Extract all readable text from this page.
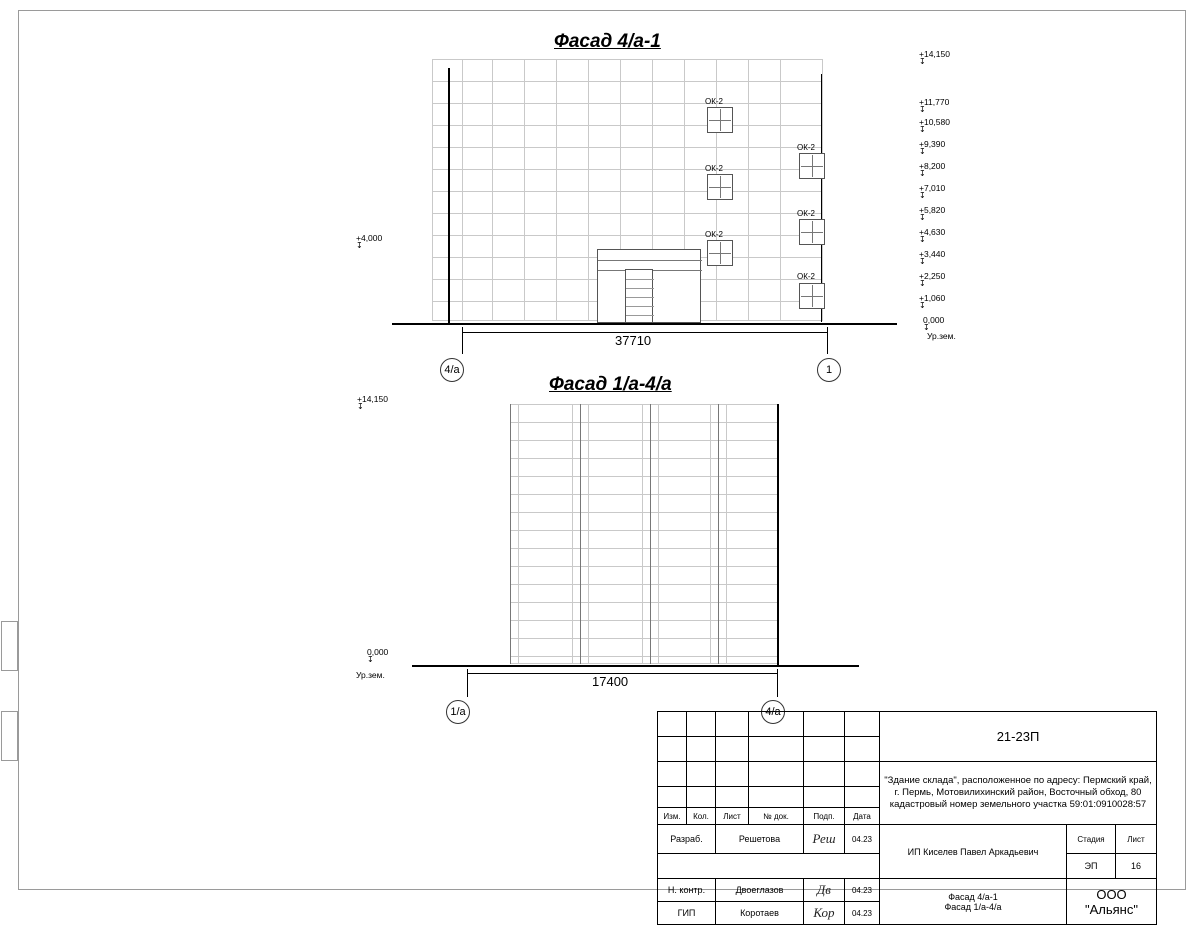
Фасад 4/а-1
ОК-2
ОК-2
ОК-2
ОК-2
ОК-2
ОК-2
+4,000
↧
37710
4/а	1
+14,150
↧
+11,770
↧
+10,580
↧
+9,390
↧
+8,200
↧
+7,010
↧
+5,820
↧
+4,630
↧
+3,440
↧
+2,250
↧
+1,060
↧
0,000
↧
Ур.зем.
Фасад 1/а-4/а
+14,150
↧
0,000
↧
Ур.зем.	17400
1/а	4/а
						21-23П		

						"Здание склада", расположенное по адресу: Пермский край,
г. Пермь, Мотовилихинский район, Восточный обход, 80
кадастровый номер земельного участка 59:01:0910028:57		

Изм.	Кол.	Лист	№ док.	Подп.	Дата			
Разраб.		Решетова		Реш	04.23	ИП Киселев Павел Аркадьевич	Стадия	Лист
							ЭП	16
Н. контр.		Двоеглазов		Дв	04.23	Фасад 4/а-1
Фасад 1/а-4/а	ООО "Альянс"	
ГИП		Коротаев		Кор	04.23			
